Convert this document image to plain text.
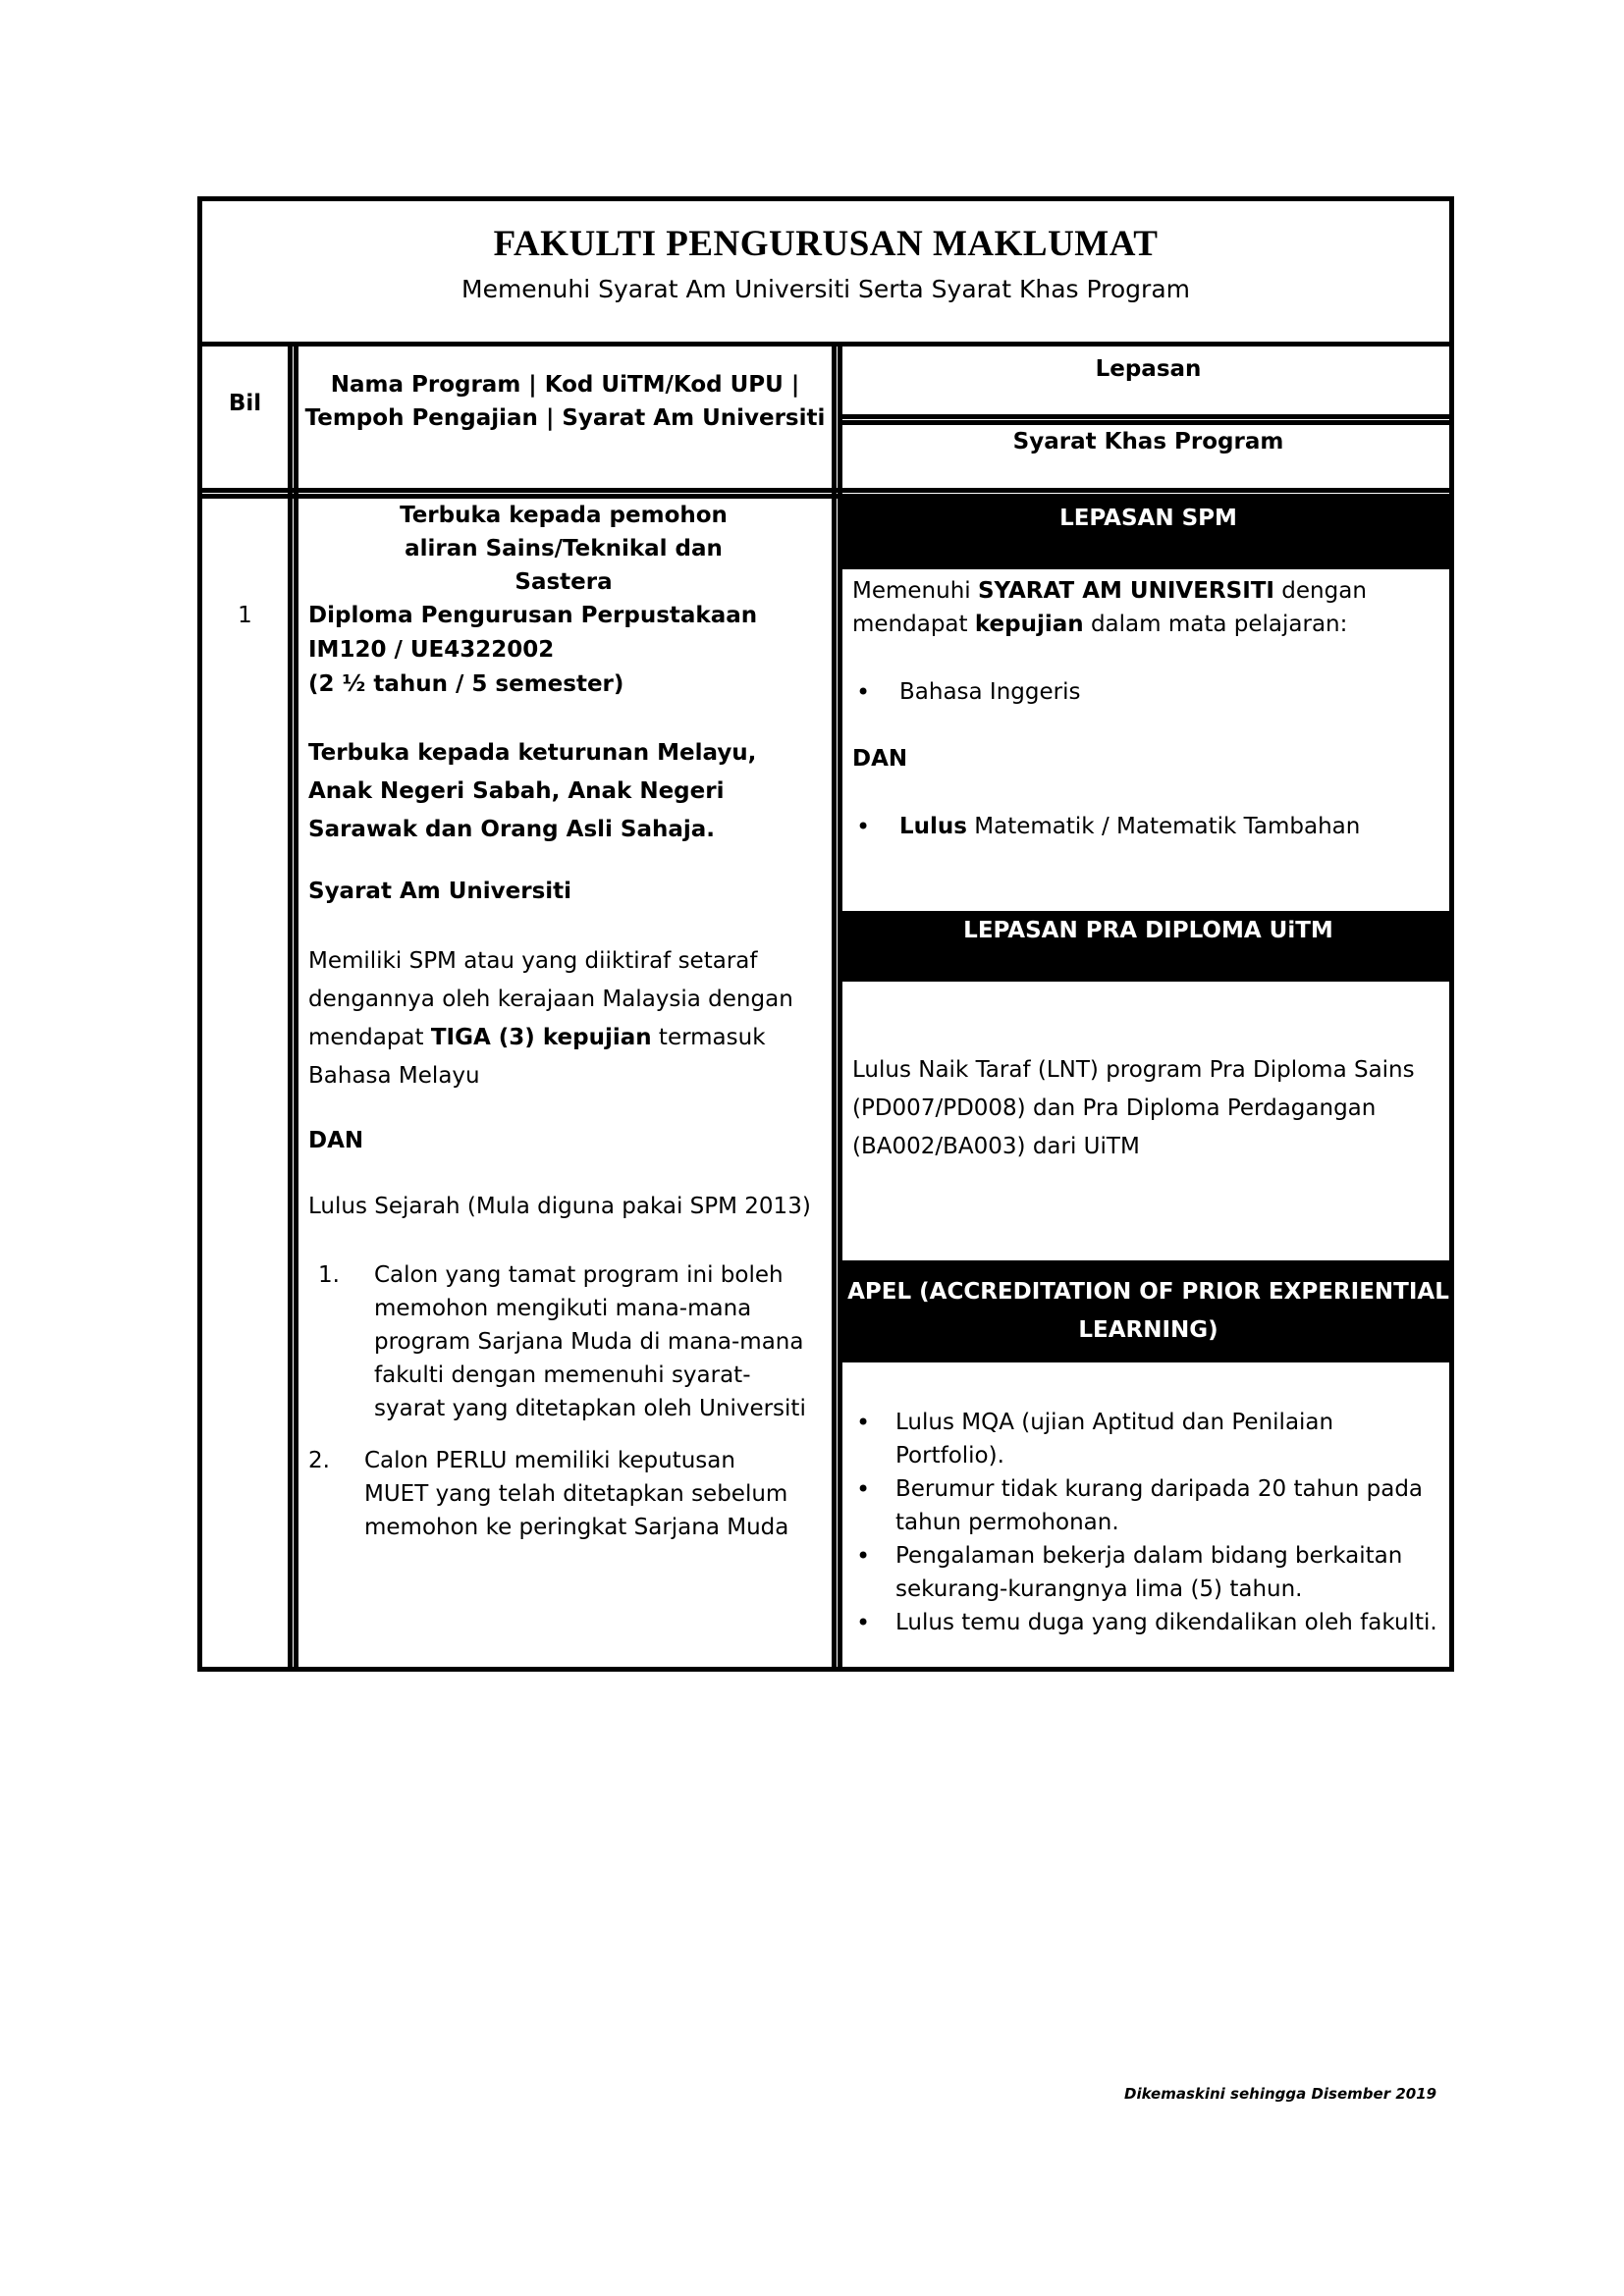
FAKULTI PENGURUSAN MAKLUMAT
Memenuhi Syarat Am Universiti Serta Syarat Khas Program
Bil
Nama Program | Kod UiTM/Kod UPU |
Tempoh Pengajian | Syarat Am Universiti
Lepasan
Syarat Khas Program
1
Terbuka kepada pemohon aliran Sains/Teknikal dan Sastera
Diploma Pengurusan Perpustakaan
IM120 / UE4322002
(2 ½ tahun / 5 semester)
Terbuka kepada keturunan Melayu, Anak Negeri Sabah, Anak Negeri Sarawak dan Orang Asli Sahaja.
Syarat Am Universiti
Memiliki SPM atau yang diiktiraf setaraf dengannya oleh kerajaan Malaysia dengan mendapat TIGA (3) kepujian termasuk Bahasa Melayu
DAN
Lulus Sejarah (Mula diguna pakai SPM 2013)
1. Calon yang tamat program ini boleh memohon mengikuti mana-mana program Sarjana Muda di mana-mana fakulti dengan memenuhi syarat-syarat yang ditetapkan oleh Universiti
2. Calon PERLU memiliki keputusan MUET yang telah ditetapkan sebelum memohon ke peringkat Sarjana Muda
LEPASAN SPM
Memenuhi SYARAT AM UNIVERSITI dengan mendapat kepujian dalam mata pelajaran:
• Bahasa Inggeris
DAN
• Lulus Matematik / Matematik Tambahan
LEPASAN PRA DIPLOMA UiTM
Lulus Naik Taraf (LNT) program Pra Diploma Sains (PD007/PD008) dan Pra Diploma Perdagangan (BA002/BA003) dari UiTM
APEL (ACCREDITATION OF PRIOR EXPERIENTIAL
LEARNING)
• Lulus MQA (ujian Aptitud dan Penilaian Portfolio).
• Berumur tidak kurang daripada 20 tahun pada tahun permohonan.
• Pengalaman bekerja dalam bidang berkaitan sekurang-kurangnya lima (5) tahun.
• Lulus temu duga yang dikendalikan oleh fakulti.
Dikemaskini sehingga Disember 2019
